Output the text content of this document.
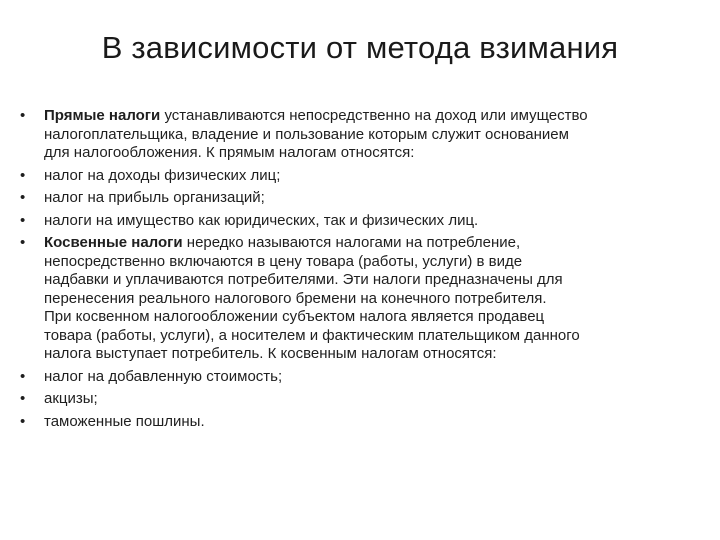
В зависимости от метода взимания
•	Прямые налоги устанавливаются непосредственно на доход или имущество
налогоплательщика, владение и пользование которым служит основанием
для налогообложения. К прямым налогам относятся:
•	налог на доходы физических лиц;
•	налог на прибыль организаций;
•	налоги на имущество как юридических, так и физических лиц.
•	Косвенные налоги нередко называются налогами на потребление,
непосредственно включаются в цену товара (работы, услуги) в виде
надбавки и уплачиваются потребителями. Эти налоги предназначены для
перенесения реального налогового бремени на конечного потребителя.
При косвенном налогообложении субъектом налога является продавец
товара (работы, услуги), а носителем и фактическим плательщиком данного
налога выступает потребитель. К косвенным налогам относятся:
•	налог на добавленную стоимость;
•	акцизы;
•	таможенные пошлины.
